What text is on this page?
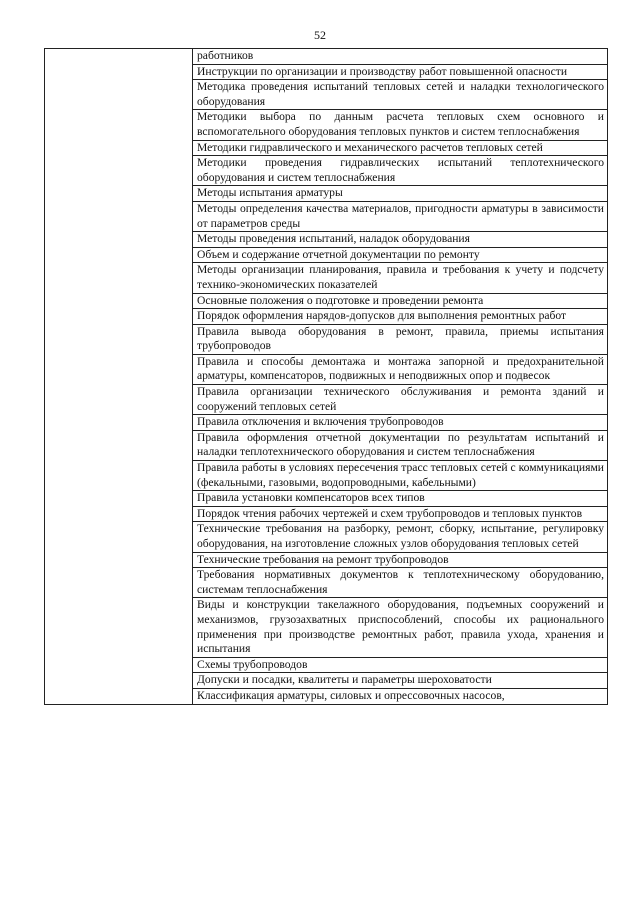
52

работников

Инструкции по организации и производству работ повышенной опасности

Методика проведения испытаний тепловых сетей и наладки технологического оборудования

Методики выбора по данным расчета тепловых схем основного и вспомогательного оборудования тепловых пунктов и систем теплоснабжения

Методики гидравлического и механического расчетов тепловых сетей

Методики проведения гидравлических испытаний теплотехнического оборудования и систем теплоснабжения

Методы испытания арматуры

Методы определения качества материалов, пригодности арматуры в зависимости от параметров среды

Методы проведения испытаний, наладок оборудования

Объем и содержание отчетной документации по ремонту

Методы организации планирования, правила и требования к учету и подсчету технико-экономических показателей

Основные положения о подготовке и проведении ремонта

Порядок оформления нарядов-допусков для выполнения ремонтных работ

Правила вывода оборудования в ремонт, правила, приемы испытания трубопроводов

Правила и способы демонтажа и монтажа запорной и предохранительной арматуры, компенсаторов, подвижных и неподвижных опор и подвесок

Правила организации технического обслуживания и ремонта зданий и сооружений тепловых сетей

Правила отключения и включения трубопроводов

Правила оформления отчетной документации по результатам испытаний и наладки теплотехнического оборудования и систем теплоснабжения

Правила работы в условиях пересечения трасс тепловых сетей с коммуникациями (фекальными, газовыми, водопроводными, кабельными)

Правила установки компенсаторов всех типов

Порядок чтения рабочих чертежей и схем трубопроводов и тепловых пунктов

Технические требования на разборку, ремонт, сборку, испытание, регулировку оборудования, на изготовление сложных узлов оборудования тепловых сетей

Технические требования на ремонт трубопроводов

Требования нормативных документов к теплотехническому оборудованию, системам теплоснабжения

Виды и конструкции такелажного оборудования, подъемных сооружений и механизмов, грузозахватных приспособлений, способы их рационального применения при производстве ремонтных работ, правила ухода, хранения и испытания

Схемы трубопроводов

Допуски и посадки, квалитеты и параметры шероховатости

Классификация арматуры, силовых и опрессовочных насосов,
